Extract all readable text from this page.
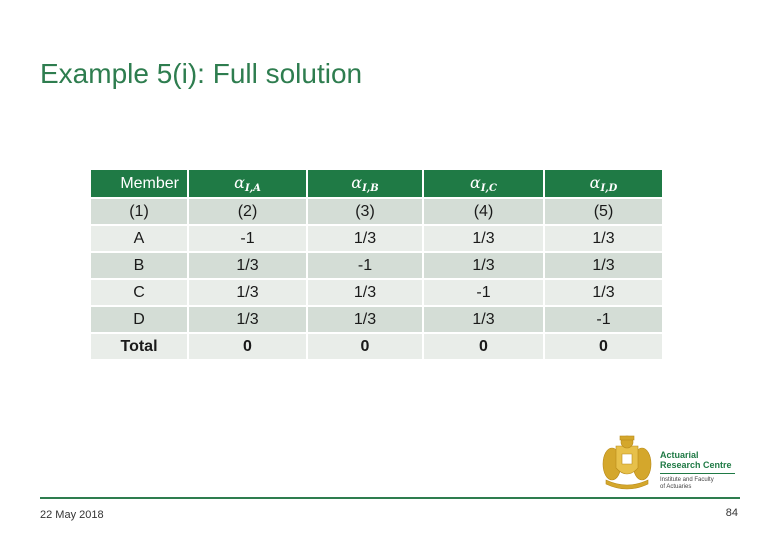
Example 5(i): Full solution
Member	$\alpha_{I,A}$	$\alpha_{I,B}$	$\alpha_{I,C}$	$\alpha_{I,D}$
(1)	(2)	(3)	(4)	(5)
A	-1	1/3	1/3	1/3
B	1/3	-1	1/3	1/3
C	1/3	1/3	-1	1/3
D	1/3	1/3	1/3	-1
Total	0	0	0	0
Actuarial
Research Centre
Institute and Faculty
of Actuaries
22 May 2018	84
